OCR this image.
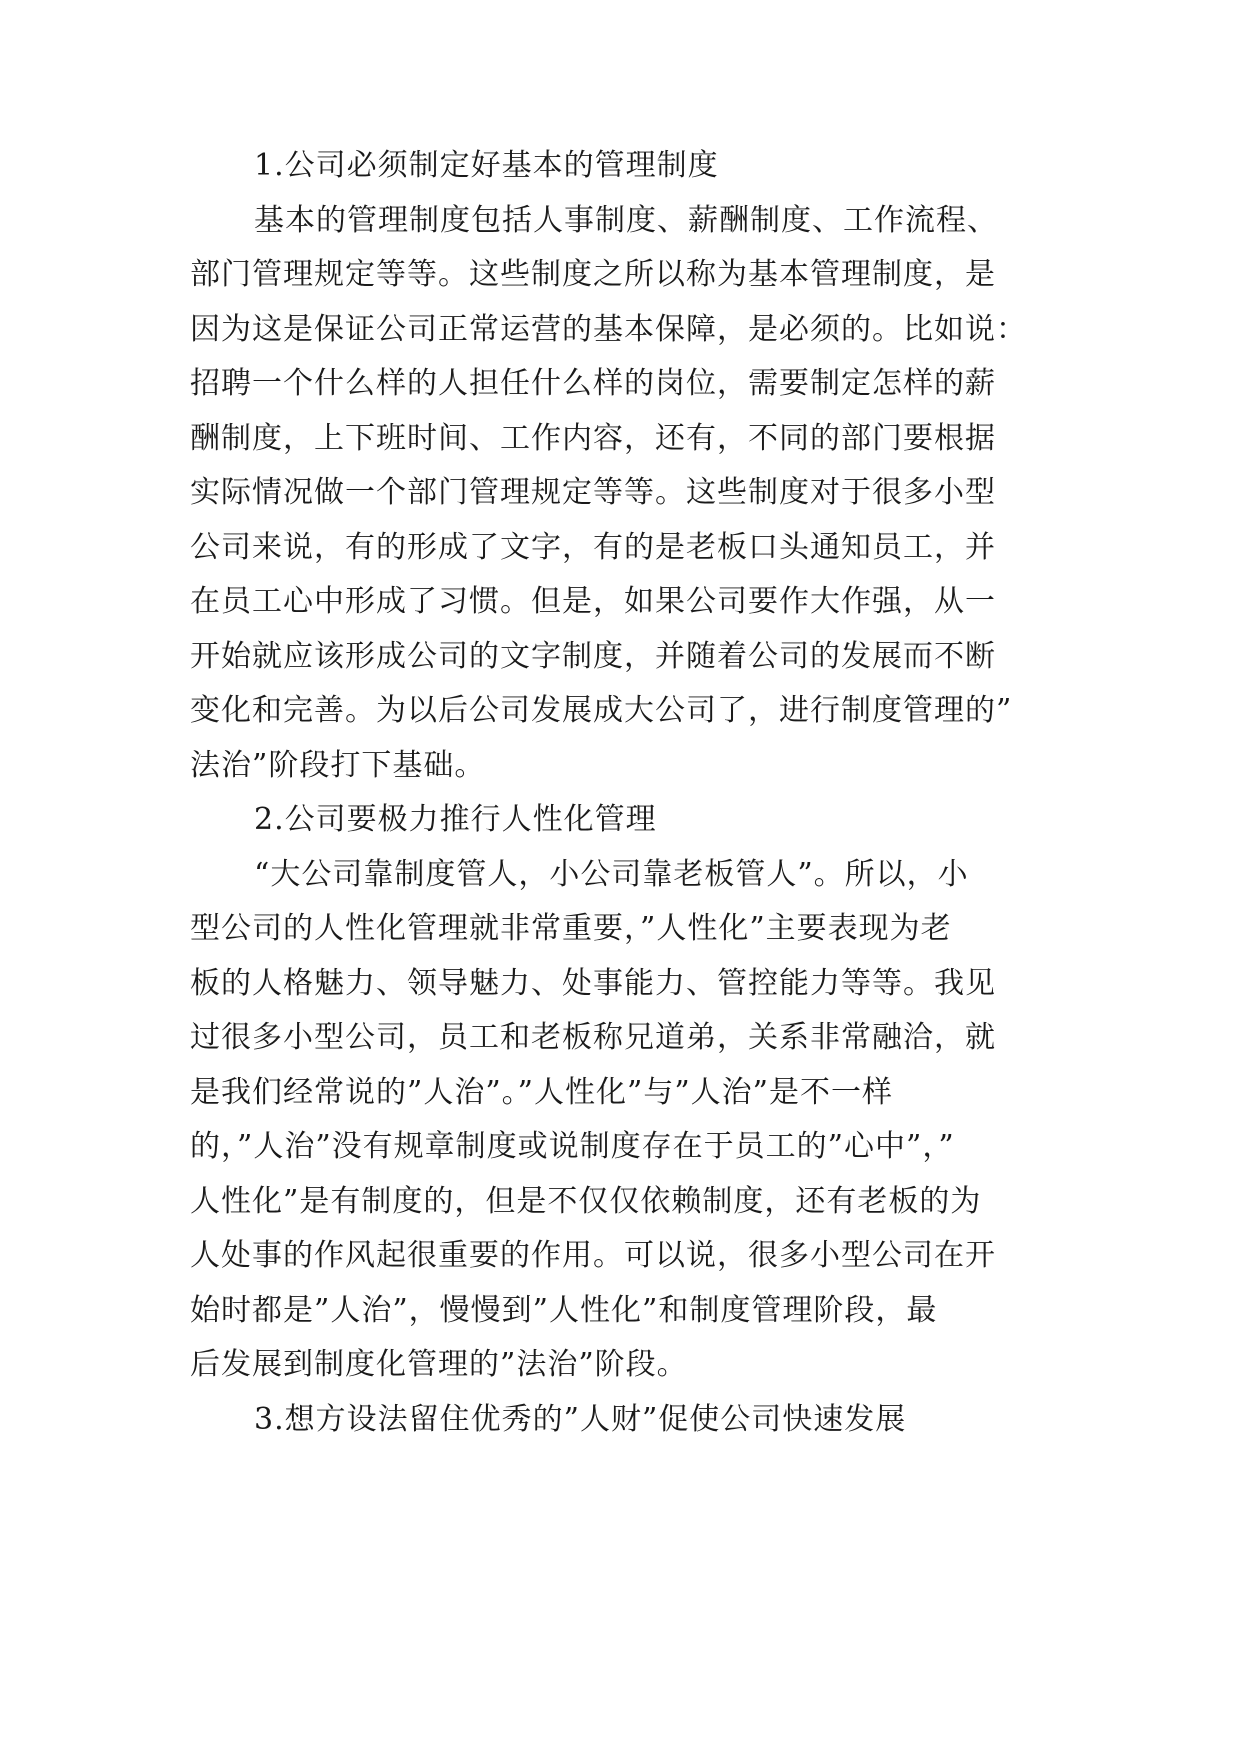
1.公司必须制定好基本的管理制度
基本的管理制度包括人事制度、薪酬制度、工作流程、
部门管理规定等等。这些制度之所以称为基本管理制度，是
因为这是保证公司正常运营的基本保障，是必须的。比如说：
招聘一个什么样的人担任什么样的岗位，需要制定怎样的薪
酬制度，上下班时间、工作内容，还有，不同的部门要根据
实际情况做一个部门管理规定等等。这些制度对于很多小型
公司来说，有的形成了文字，有的是老板口头通知员工，并
在员工心中形成了习惯。但是，如果公司要作大作强，从一
开始就应该形成公司的文字制度，并随着公司的发展而不断
变化和完善。为以后公司发展成大公司了，进行制度管理的”
法治”阶段打下基础。
2.公司要极力推行人性化管理
“大公司靠制度管人，小公司靠老板管人”。所以，小
型公司的人性化管理就非常重要，”人性化”主要表现为老
板的人格魅力、领导魅力、处事能力、管控能力等等。我见
过很多小型公司，员工和老板称兄道弟，关系非常融洽，就
是我们经常说的”人治”。”人性化”与”人治”是不一样
的，”人治”没有规章制度或说制度存在于员工的”心中”，”
人性化”是有制度的，但是不仅仅依赖制度，还有老板的为
人处事的作风起很重要的作用。可以说，很多小型公司在开
始时都是”人治”，慢慢到”人性化”和制度管理阶段，最
后发展到制度化管理的”法治”阶段。
3.想方设法留住优秀的”人财”促使公司快速发展
